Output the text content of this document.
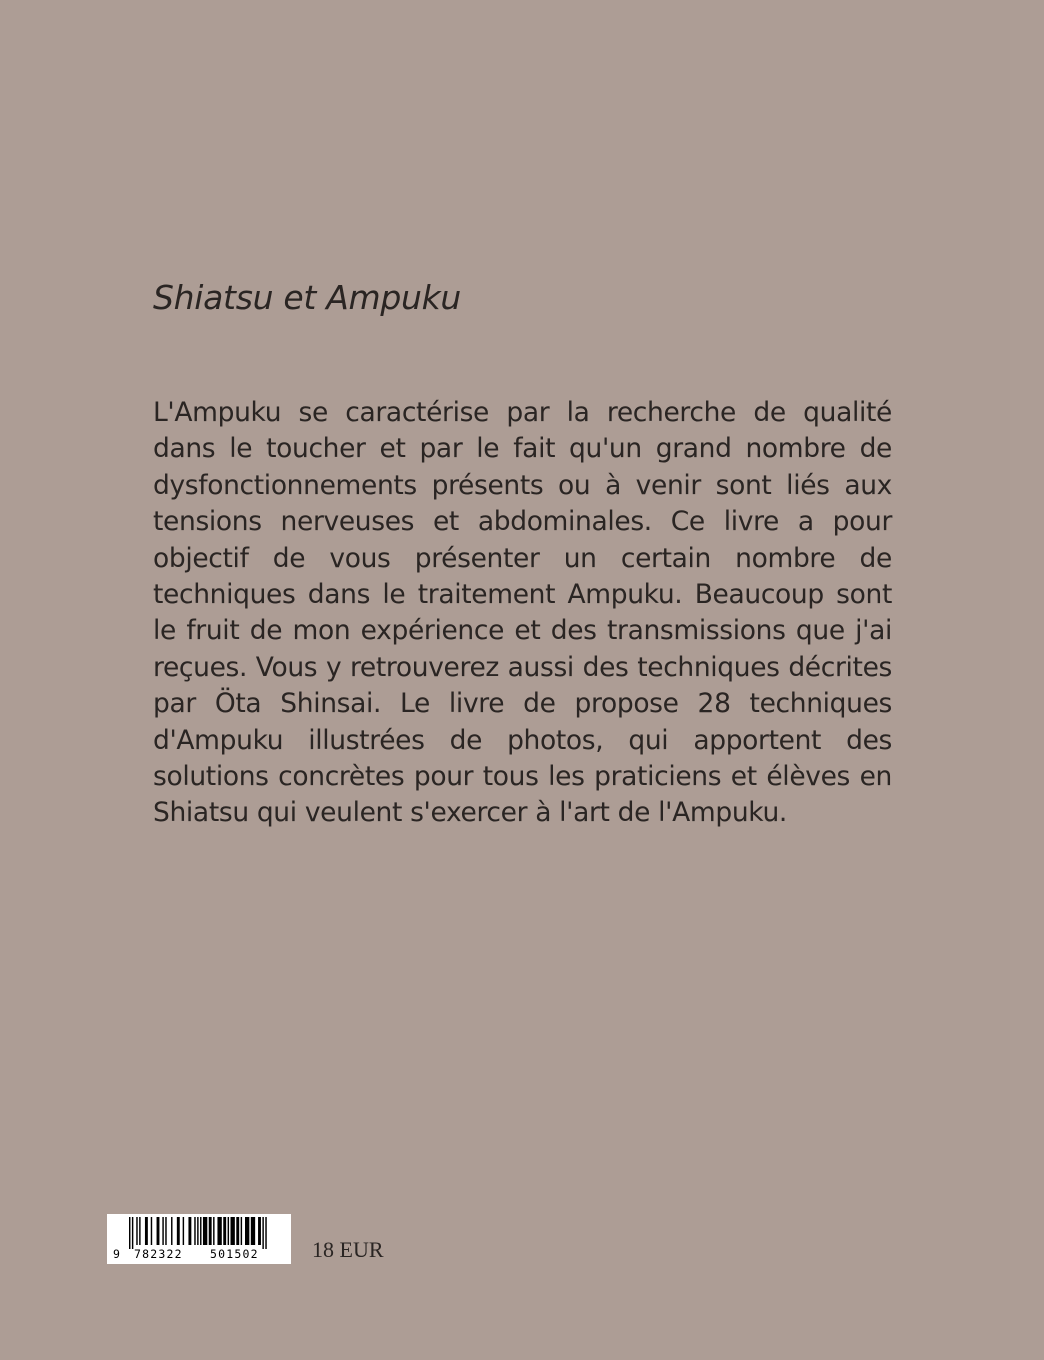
Shiatsu et Ampuku

L'Ampuku se caractérise par la recherche de qualité dans le toucher et par le fait qu'un grand nombre de dysfonctionnements présents ou à venir sont liés aux tensions nerveuses et abdominales. Ce livre a pour objectif de vous présenter un certain nombre de techniques dans le traitement Ampuku. Beaucoup sont le fruit de mon expérience et des transmissions que j'ai reçues. Vous y retrouverez aussi des techniques décrites par Öta Shinsai. Le livre de propose 28 techniques d'Ampuku illustrées de photos, qui apportent des solutions concrètes pour tous les praticiens et élèves en Shiatsu qui veulent s'exercer à l'art de l'Ampuku.

9 782322 501502 18 EUR
